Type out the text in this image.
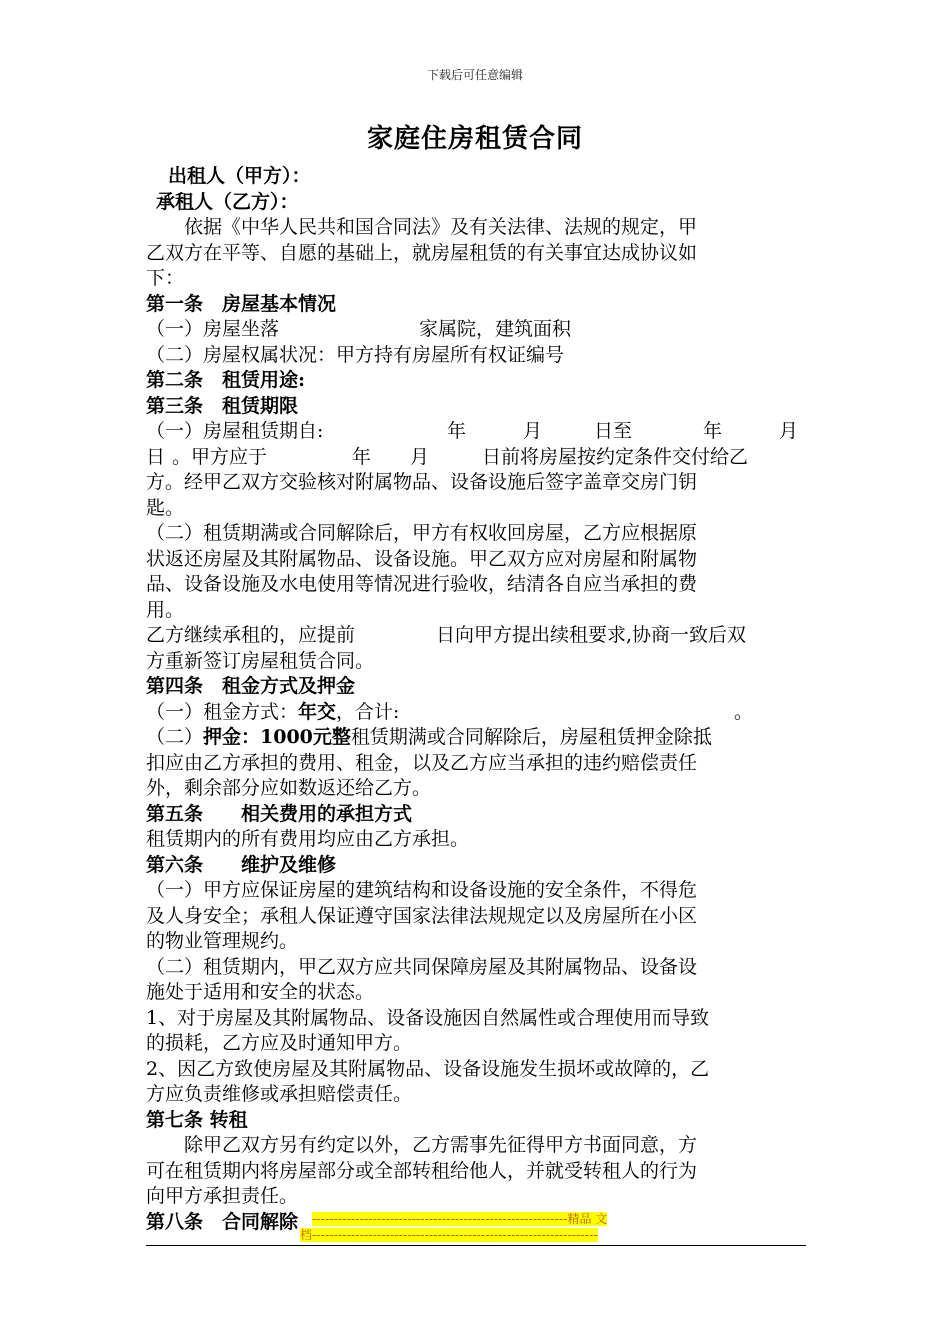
下载后可任意编辑
家庭住房租赁合同
出租人（甲方）：
承租人（乙方）：
依据《中华人民共和国合同法》及有关法律、法规的规定，甲
乙双方在平等、自愿的基础上，就房屋租赁的有关事宜达成协议如
下：
第一条　房屋基本情况
（一）房屋坐落	家属院，建筑面积
（二）房屋权属状况：甲方持有房屋所有权证编号
第二条　租赁用途:
第三条　租赁期限
（一）房屋租赁期自:	年	月	日至	年	月
日 。甲方应于	年 月	日前将房屋按约定条件交付给乙
方。经甲乙双方交验核对附属物品、设备设施后签字盖章交房门钥
匙。
（二）租赁期满或合同解除后，甲方有权收回房屋，乙方应根据原
状返还房屋及其附属物品、设备设施。甲乙双方应对房屋和附属物
品、设备设施及水电使用等情况进行验收，结清各自应当承担的费
用。
乙方继续承租的，应提前	日向甲方提出续租要求,协商一致后双
方重新签订房屋租赁合同。
第四条　租金方式及押金
（一）租金方式：年交，合计:	。
（二）押金：1000元整租赁期满或合同解除后，房屋租赁押金除抵
扣应由乙方承担的费用、租金，以及乙方应当承担的违约赔偿责任
外，剩余部分应如数返还给乙方。
第五条　　相关费用的承担方式
租赁期内的所有费用均应由乙方承担。
第六条　　维护及维修
（一）甲方应保证房屋的建筑结构和设备设施的安全条件，不得危
及人身安全；承租人保证遵守国家法律法规规定以及房屋所在小区
的物业管理规约。
（二）租赁期内，甲乙双方应共同保障房屋及其附属物品、设备设
施处于适用和安全的状态。
1、对于房屋及其附属物品、设备设施因自然属性或合理使用而导致
的损耗，乙方应及时通知甲方。
2、因乙方致使房屋及其附属物品、设备设施发生损坏或故障的，乙
方应负责维修或承担赔偿责任。
第七条 转租
除甲乙双方另有约定以外，乙方需事先征得甲方书面同意，方
可在租赁期内将房屋部分或全部转租给他人，并就受转租人的行为
向甲方承担责任。
第八条　合同解除	-----------------------------------------------------------精品 文
档------------------------------------------------------------------
